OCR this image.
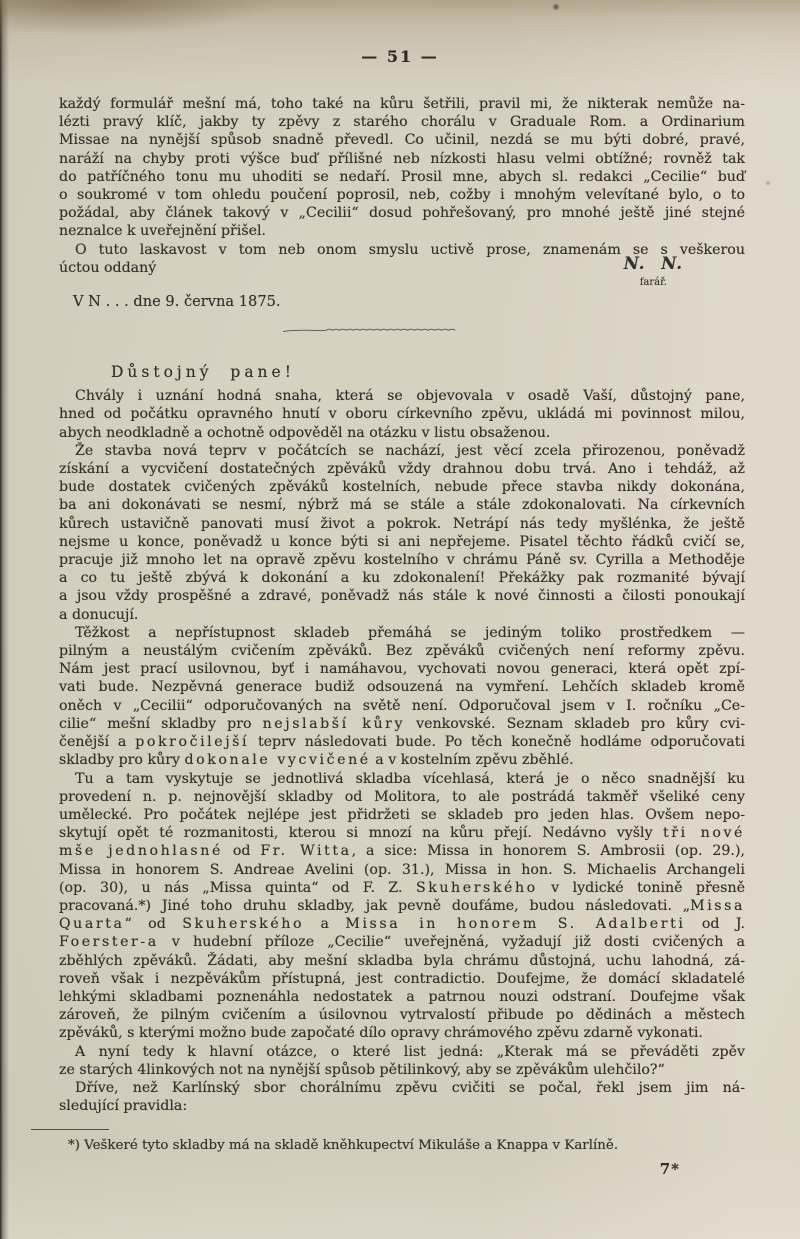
— 51 —
každý formulář mešní má, toho také na kůru šetřili, pravil mi, že nikterak nemůže na-
lézti pravý klíč, jakby ty zpěvy z starého chorálu v Graduale Rom. a Ordinarium
Missae na nynější spůsob snadně převedl. Co učinil, nezdá se mu býti dobré, pravé,
naráží na chyby proti výšce buď přílišné neb nízkosti hlasu velmi obtížné; rovněž tak
do patříčného tonu mu uhoditi se nedaří. Prosil mne, abych sl. redakci „Cecilie“ buď
o soukromé v tom ohledu poučení poprosil, neb, cožby i mnohým velevítané bylo, o to
požádal, aby článek takový v „Cecilii“ dosud pohřešovaný, pro mnohé ještě jiné stejné
neznalce k uveřejnění přišel.
O tuto laskavost v tom neb onom smyslu uctivě prose, znamenám se s veškerou
úctou oddaný	N. N.
farář.
V N . . . dne 9. června 1875.
Důstojný pane!
Chvály i uznání hodná snaha, která se objevovala v osadě Vaší, důstojný pane,
hned od počátku opravného hnutí v oboru církevního zpěvu, ukládá mi povinnost milou,
abych neodkladně a ochotně odpověděl na otázku v listu obsaženou.
Že stavba nová teprv v počátcích se nachází, jest věcí zcela přirozenou, poněvadž
získání a vycvičení dostatečných zpěváků vždy drahnou dobu trvá. Ano i tehdáž, až
bude dostatek cvičených zpěváků kostelních, nebude přece stavba nikdy dokonána,
ba ani dokonávati se nesmí, nýbrž má se stále a stále zdokonalovati. Na církevních
kůrech ustavičně panovati musí život a pokrok. Netrápí nás tedy myšlénka, že ještě
nejsme u konce, poněvadž u konce býti si ani nepřejeme. Pisatel těchto řádků cvičí se,
pracuje již mnoho let na opravě zpěvu kostelního v chrámu Páně sv. Cyrilla a Methoděje
a co tu ještě zbývá k dokonání a ku zdokonalení! Překážky pak rozmanité bývají
a jsou vždy prospěšné a zdravé, poněvadž nás stále k nové činnosti a čilosti ponoukají
a donucují.
Těžkost a nepřístupnost skladeb přemáhá se jediným toliko prostředkem —
pilným a neustálým cvičením zpěváků. Bez zpěváků cvičených není reformy zpěvu.
Nám jest prací usilovnou, byť i namáhavou, vychovati novou generaci, která opět zpí-
vati bude. Nezpěvná generace budiž odsouzená na vymření. Lehčích skladeb kromě
oněch v „Cecilii“ odporučovaných na světě není. Odporučoval jsem v I. ročníku „Ce-
cilie“ mešní skladby pro nejslabší kůry venkovské. Seznam skladeb pro kůry cvi-
čenější a pokročilejší teprv následovati bude. Po těch konečně hodláme odporučovati
skladby pro kůry dokonale vycvičené a v kostelním zpěvu zběhlé.
Tu a tam vyskytuje se jednotlivá skladba vícehlasá, která je o něco snadnější ku
provedení n. p. nejnovější skladby od Molitora, to ale postrádá takměř všeliké ceny
umělecké. Pro počátek nejlépe jest přidržeti se skladeb pro jeden hlas. Ovšem nepo-
skytují opět té rozmanitosti, kterou si mnozí na kůru přejí. Nedávno vyšly tři nové
mše jednohlasné od Fr. Witta, a sice: Missa in honorem S. Ambrosii (op. 29.),
Missa in honorem S. Andreae Avelini (op. 31.), Missa in hon. S. Michaelis Archangeli
(op. 30), u nás „Missa quinta“ od F. Z. Skuherského v lydické tonině přesně
pracovaná.*) Jiné toho druhu skladby, jak pevně doufáme, budou následovati. „Missa
Quarta“ od Skuherského a Missa in honorem S. Adalberti od J.
Foerster-a v hudební příloze „Cecilie“ uveřejněná, vyžadují již dosti cvičených a
zběhlých zpěváků. Žádati, aby mešní skladba byla chrámu důstojná, uchu lahodná, zá-
roveň však i nezpěvákům přístupná, jest contradictio. Doufejme, že domácí skladatelé
lehkými skladbami poznenáhla nedostatek a patrnou nouzi odstraní. Doufejme však
zároveň, že pilným cvičením a úsilovnou vytrvalostí přibude po dědinách a městech
zpěváků, s kterými možno bude započaté dílo opravy chrámového zpěvu zdarně vykonati.
A nyní tedy k hlavní otázce, o které list jedná: „Kterak má se převáděti zpěv
ze starých 4linkových not na nynější spůsob pětilinkový, aby se zpěvákům ulehčilo?“
Dříve, než Karlínský sbor chorálnímu zpěvu cvičiti se počal, řekl jsem jim ná-
sledující pravidla:
*) Veškeré tyto skladby má na skladě kněhkupectví Mikuláše a Knappa v Karlíně.
7*
